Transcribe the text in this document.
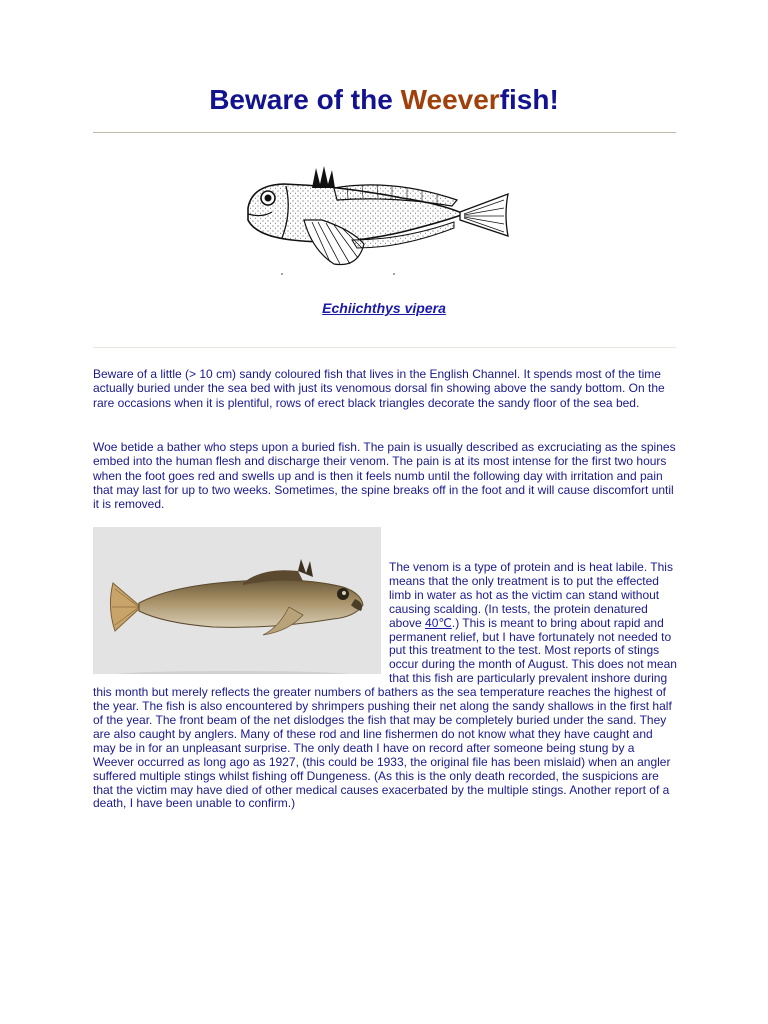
Beware of the Weeverfish!
Echiichthys vipera

Beware of a little (> 10 cm) sandy coloured fish that lives in the English Channel. It spends most of the time actually buried under the sea bed with just its venomous dorsal fin showing above the sandy bottom. On the rare occasions when it is plentiful, rows of erect black triangles decorate the sandy floor of the sea bed.

Woe betide a bather who steps upon a buried fish. The pain is usually described as excruciating as the spines embed into the human flesh and discharge their venom. The pain is at its most intense for the first two hours when the foot goes red and swells up and is then it feels numb until the following day with irritation and pain that may last for up to two weeks. Sometimes, the spine breaks off in the foot and it will cause discomfort until it is removed.

The venom is a type of protein and is heat labile. This means that the only treatment is to put the effected limb in water as hot as the victim can stand without causing scalding. (In tests, the protein denatured above 40℃.) This is meant to bring about rapid and permanent relief, but I have fortunately not needed to put this treatment to the test. Most reports of stings occur during the month of August. This does not mean that this fish are particularly prevalent inshore during this month but merely reflects the greater numbers of bathers as the sea temperature reaches the highest of the year. The fish is also encountered by shrimpers pushing their net along the sandy shallows in the first half of the year. The front beam of the net dislodges the fish that may be completely buried under the sand. They are also caught by anglers. Many of these rod and line fishermen do not know what they have caught and may be in for an unpleasant surprise. The only death I have on record after someone being stung by a Weever occurred as long ago as 1927, (this could be 1933, the original file has been mislaid) when an angler suffered multiple stings whilst fishing off Dungeness. (As this is the only death recorded, the suspicions are that the victim may have died of other medical causes exacerbated by the multiple stings. Another report of a death, I have been unable to confirm.)
